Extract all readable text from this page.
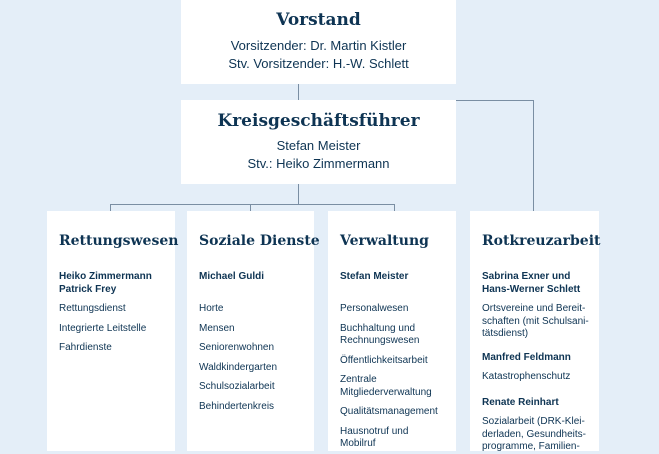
Vorstand
Vorsitzender: Dr. Martin Kistler
Stv. Vorsitzender: H.-W. Schlett
Kreisgeschäftsführer
Stefan Meister
Stv.: Heiko Zimmermann
Rettungswesen
Heiko Zimmermann
Patrick Frey
Rettungsdienst
Integrierte Leitstelle
Fahrdienste
Soziale Dienste
Michael Guldi
Horte
Mensen
Seniorenwohnen
Waldkindergarten
Schulsozialarbeit
Behindertenkreis
Verwaltung
Stefan Meister
Personalwesen
Buchhaltung und
Rechnungswesen
Öffentlichkeitsarbeit
Zentrale
Mitgliederverwaltung
Qualitätsmanagement
Hausnotruf und
Mobilruf
Rotkreuzarbeit
Sabrina Exner und
Hans-Werner Schlett
Ortsvereine und Bereit-
schaften (mit Schulsani-
tätsdienst)
Manfred Feldmann
Katastrophenschutz
Renate Reinhart
Sozialarbeit (DRK-Klei-
derladen, Gesundheits-
programme, Familien-
